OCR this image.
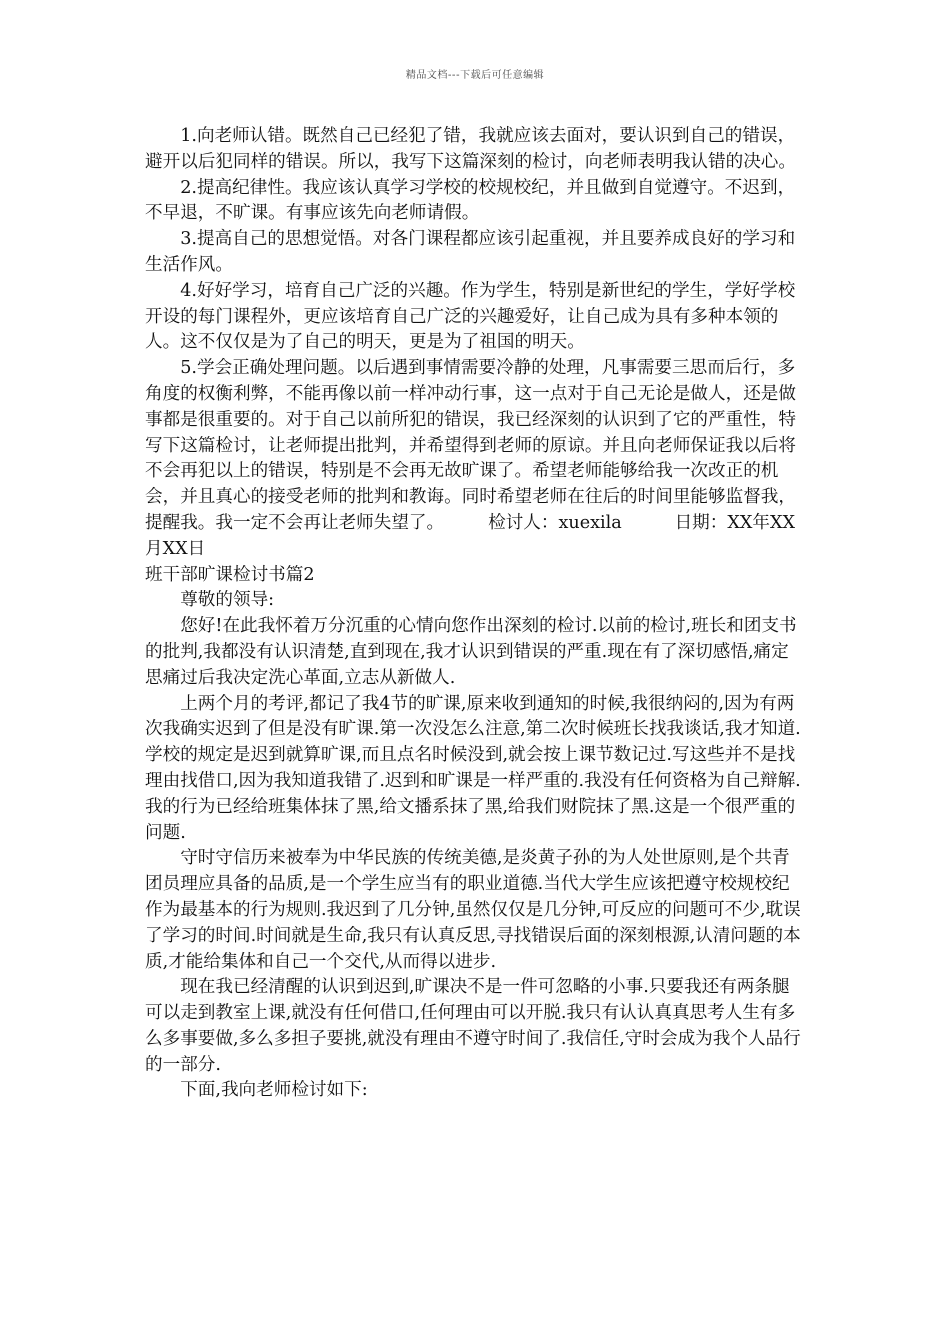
精品文档---下载后可任意编辑

1.向老师认错。既然自己已经犯了错，我就应该去面对，要认识到自己的错误，避开以后犯同样的错误。所以，我写下这篇深刻的检讨，向老师表明我认错的决心。

2.提高纪律性。我应该认真学习学校的校规校纪，并且做到自觉遵守。不迟到，不早退，不旷课。有事应该先向老师请假。

3.提高自己的思想觉悟。对各门课程都应该引起重视，并且要养成良好的学习和生活作风。

4.好好学习，培育自己广泛的兴趣。作为学生，特别是新世纪的学生，学好学校开设的每门课程外，更应该培育自己广泛的兴趣爱好，让自己成为具有多种本领的人。这不仅仅是为了自己的明天，更是为了祖国的明天。

5.学会正确处理问题。以后遇到事情需要冷静的处理，凡事需要三思而后行，多角度的权衡利弊，不能再像以前一样冲动行事，这一点对于自己无论是做人，还是做事都是很重要的。对于自己以前所犯的错误，我已经深刻的认识到了它的严重性，特写下这篇检讨，让老师提出批判，并希望得到老师的原谅。并且向老师保证我以后将不会再犯以上的错误，特别是不会再无故旷课了。希望老师能够给我一次改正的机会，并且真心的接受老师的批判和教诲。同时希望老师在往后的时间里能够监督我，提醒我。我一定不会再让老师失望了。　　　检讨人：xuexila　　　日期：XX年XX月XX日

班干部旷课检讨书篇2

尊敬的领导:

您好!在此我怀着万分沉重的心情向您作出深刻的检讨.以前的检讨,班长和团支书的批判,我都没有认识清楚,直到现在,我才认识到错误的严重.现在有了深切感悟,痛定思痛过后我决定洗心革面,立志从新做人.

上两个月的考评,都记了我4节的旷课,原来收到通知的时候,我很纳闷的,因为有两次我确实迟到了但是没有旷课.第一次没怎么注意,第二次时候班长找我谈话,我才知道.学校的规定是迟到就算旷课,而且点名时候没到,就会按上课节数记过.写这些并不是找理由找借口,因为我知道我错了.迟到和旷课是一样严重的.我没有任何资格为自己辩解.我的行为已经给班集体抹了黑,给文播系抹了黑,给我们财院抹了黑.这是一个很严重的问题.

守时守信历来被奉为中华民族的传统美德,是炎黄子孙的为人处世原则,是个共青团员理应具备的品质,是一个学生应当有的职业道德.当代大学生应该把遵守校规校纪作为最基本的行为规则.我迟到了几分钟,虽然仅仅是几分钟,可反应的问题可不少,耽误了学习的时间.时间就是生命,我只有认真反思,寻找错误后面的深刻根源,认清问题的本质,才能给集体和自己一个交代,从而得以进步.

现在我已经清醒的认识到迟到,旷课决不是一件可忽略的小事.只要我还有两条腿可以走到教室上课,就没有任何借口,任何理由可以开脱.我只有认认真真思考人生有多么多事要做,多么多担子要挑,就没有理由不遵守时间了.我信任,守时会成为我个人品行的一部分.

下面,我向老师检讨如下:
